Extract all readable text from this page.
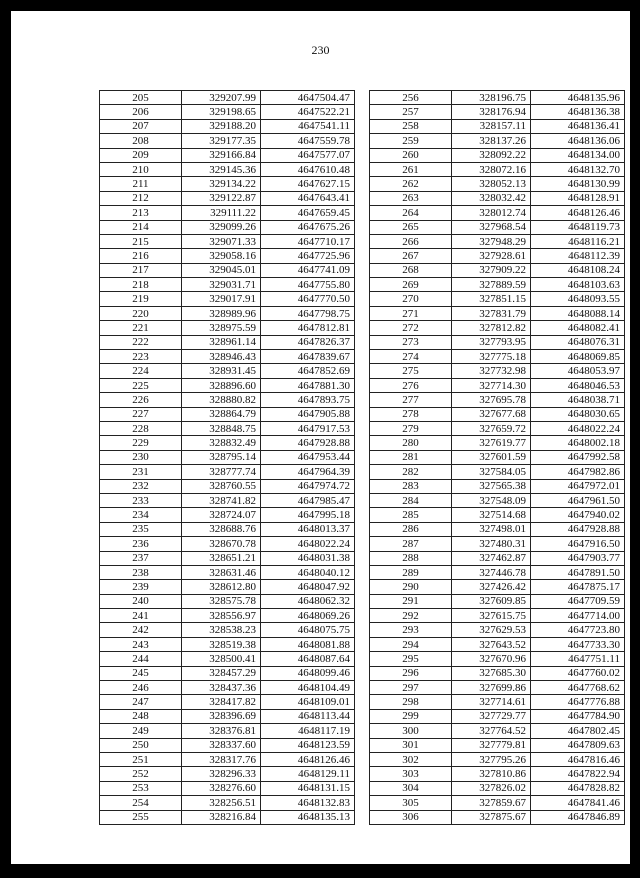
230
205	329207.99	4647504.47
206	329198.65	4647522.21
207	329188.20	4647541.11
208	329177.35	4647559.78
209	329166.84	4647577.07
210	329145.36	4647610.48
211	329134.22	4647627.15
212	329122.87	4647643.41
213	329111.22	4647659.45
214	329099.26	4647675.26
215	329071.33	4647710.17
216	329058.16	4647725.96
217	329045.01	4647741.09
218	329031.71	4647755.80
219	329017.91	4647770.50
220	328989.96	4647798.75
221	328975.59	4647812.81
222	328961.14	4647826.37
223	328946.43	4647839.67
224	328931.45	4647852.69
225	328896.60	4647881.30
226	328880.82	4647893.75
227	328864.79	4647905.88
228	328848.75	4647917.53
229	328832.49	4647928.88
230	328795.14	4647953.44
231	328777.74	4647964.39
232	328760.55	4647974.72
233	328741.82	4647985.47
234	328724.07	4647995.18
235	328688.76	4648013.37
236	328670.78	4648022.24
237	328651.21	4648031.38
238	328631.46	4648040.12
239	328612.80	4648047.92
240	328575.78	4648062.32
241	328556.97	4648069.26
242	328538.23	4648075.75
243	328519.38	4648081.88
244	328500.41	4648087.64
245	328457.29	4648099.46
246	328437.36	4648104.49
247	328417.82	4648109.01
248	328396.69	4648113.44
249	328376.81	4648117.19
250	328337.60	4648123.59
251	328317.76	4648126.46
252	328296.33	4648129.11
253	328276.60	4648131.15
254	328256.51	4648132.83
255	328216.84	4648135.13
256	328196.75	4648135.96
257	328176.94	4648136.38
258	328157.11	4648136.41
259	328137.26	4648136.06
260	328092.22	4648134.00
261	328072.16	4648132.70
262	328052.13	4648130.99
263	328032.42	4648128.91
264	328012.74	4648126.46
265	327968.54	4648119.73
266	327948.29	4648116.21
267	327928.61	4648112.39
268	327909.22	4648108.24
269	327889.59	4648103.63
270	327851.15	4648093.55
271	327831.79	4648088.14
272	327812.82	4648082.41
273	327793.95	4648076.31
274	327775.18	4648069.85
275	327732.98	4648053.97
276	327714.30	4648046.53
277	327695.78	4648038.71
278	327677.68	4648030.65
279	327659.72	4648022.24
280	327619.77	4648002.18
281	327601.59	4647992.58
282	327584.05	4647982.86
283	327565.38	4647972.01
284	327548.09	4647961.50
285	327514.68	4647940.02
286	327498.01	4647928.88
287	327480.31	4647916.50
288	327462.87	4647903.77
289	327446.78	4647891.50
290	327426.42	4647875.17
291	327609.85	4647709.59
292	327615.75	4647714.00
293	327629.53	4647723.80
294	327643.52	4647733.30
295	327670.96	4647751.11
296	327685.30	4647760.02
297	327699.86	4647768.62
298	327714.61	4647776.88
299	327729.77	4647784.90
300	327764.52	4647802.45
301	327779.81	4647809.63
302	327795.26	4647816.46
303	327810.86	4647822.94
304	327826.02	4647828.82
305	327859.67	4647841.46
306	327875.67	4647846.89
